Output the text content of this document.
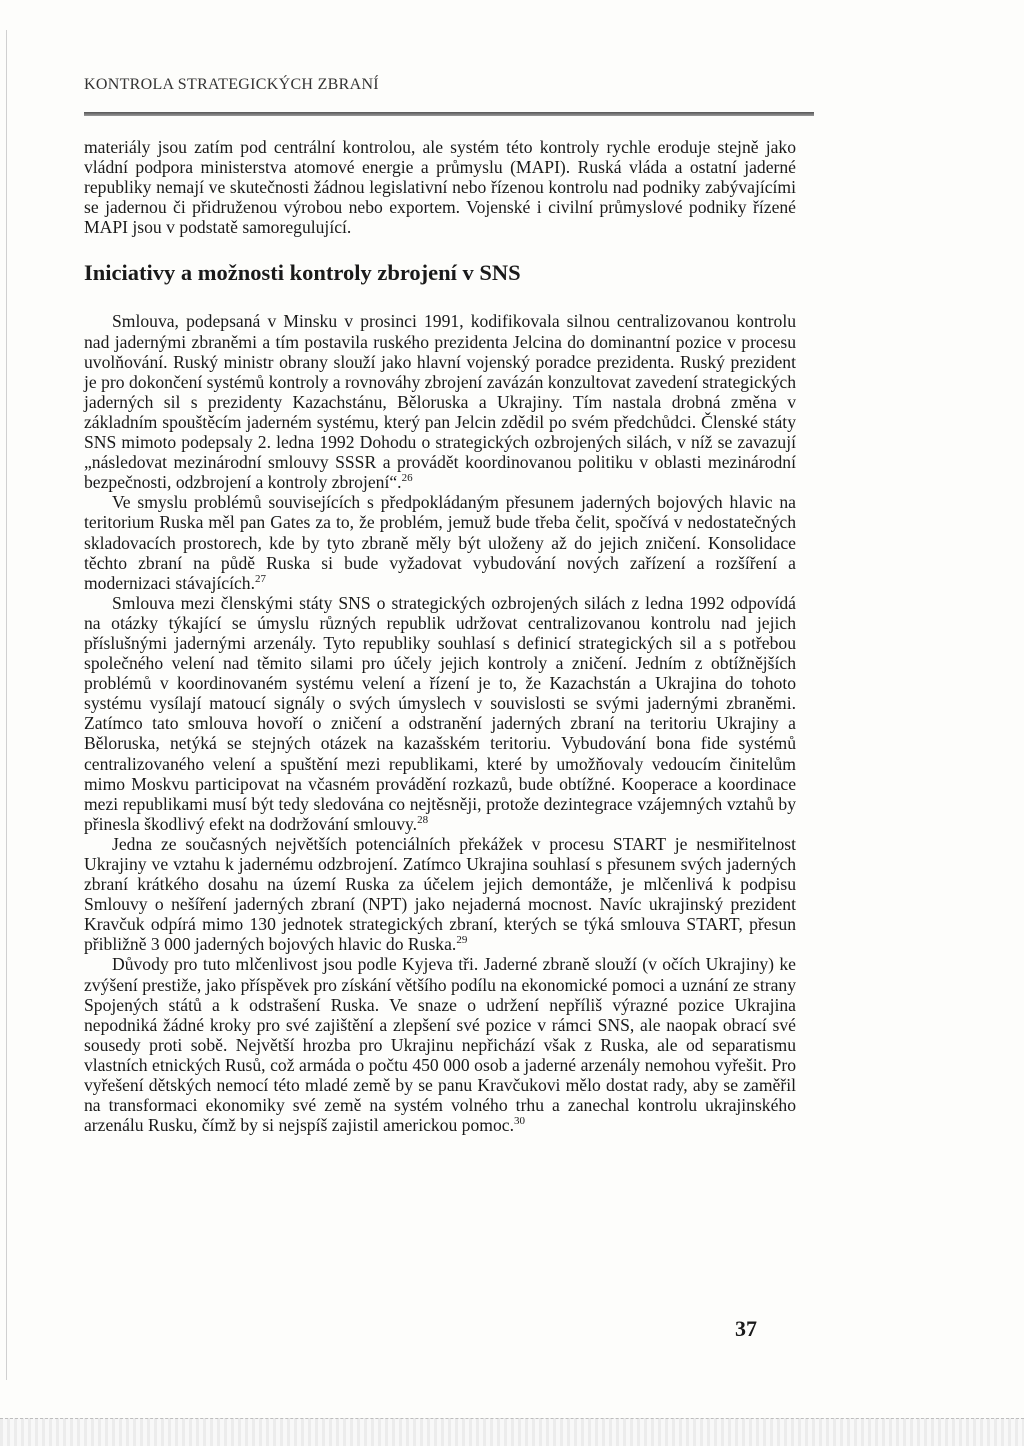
KONTROLA STRATEGICKÝCH ZBRANÍ

materiály jsou zatím pod centrální kontrolou, ale systém této kontroly rychle eroduje stejně jako vládní podpora ministerstva atomové energie a průmyslu (MAPI). Ruská vláda a ostatní jaderné republiky nemají ve skutečnosti žádnou legislativní nebo řízenou kontrolu nad podniky zabývajícími se jadernou či přidruženou výrobou nebo exportem. Vojenské i civilní průmyslové podniky řízené MAPI jsou v podstatě samoregulující.

Iniciativy a možnosti kontroly zbrojení v SNS

Smlouva, podepsaná v Minsku v prosinci 1991, kodifikovala silnou centralizovanou kontrolu nad jadernými zbraněmi a tím postavila ruského prezidenta Jelcina do dominantní pozice v procesu uvolňování. Ruský ministr obrany slouží jako hlavní vojenský poradce prezidenta. Ruský prezident je pro dokončení systémů kontroly a rovnováhy zbrojení zavázán konzultovat zavedení strategických jaderných sil s prezidenty Kazachstánu, Běloruska a Ukrajiny. Tím nastala drobná změna v základním spouštěcím jaderném systému, který pan Jelcin zdědil po svém předchůdci. Členské státy SNS mimoto podepsaly 2. ledna 1992 Dohodu o strategických ozbrojených silách, v níž se zavazují „následovat mezinárodní smlouvy SSSR a provádět koordinovanou politiku v oblasti mezinárodní bezpečnosti, odzbrojení a kontroly zbrojení“.$^{26}$

Ve smyslu problémů souvisejících s předpokládaným přesunem jaderných bojových hlavic na teritorium Ruska měl pan Gates za to, že problém, jemuž bude třeba čelit, spočívá v nedostatečných skladovacích prostorech, kde by tyto zbraně měly být uloženy až do jejich zničení. Konsolidace těchto zbraní na půdě Ruska si bude vyžadovat vybudování nových zařízení a rozšíření a modernizaci stávajících.$^{27}$

Smlouva mezi členskými státy SNS o strategických ozbrojených silách z ledna 1992 odpovídá na otázky týkající se úmyslu různých republik udržovat centralizovanou kontrolu nad jejich příslušnými jadernými arzenály. Tyto republiky souhlasí s definicí strategických sil a s potřebou společného velení nad těmito silami pro účely jejich kontroly a zničení. Jedním z obtížnějších problémů v koordinovaném systému velení a řízení je to, že Kazachstán a Ukrajina do tohoto systému vysílají matoucí signály o svých úmyslech v souvislosti se svými jadernými zbraněmi. Zatímco tato smlouva hovoří o zničení a odstranění jaderných zbraní na teritoriu Ukrajiny a Běloruska, netýká se stejných otázek na kazašském teritoriu. Vybudování bona fide systémů centralizovaného velení a spuštění mezi republikami, které by umožňovaly vedoucím činitelům mimo Moskvu participovat na včasném provádění rozkazů, bude obtížné. Kooperace a koordinace mezi republikami musí být tedy sledována co nejtěsněji, protože dezintegrace vzájemných vztahů by přinesla škodlivý efekt na dodržování smlouvy.$^{28}$

Jedna ze současných největších potenciálních překážek v procesu START je nesmiřitelnost Ukrajiny ve vztahu k jadernému odzbrojení. Zatímco Ukrajina souhlasí s přesunem svých jaderných zbraní krátkého dosahu na území Ruska za účelem jejich demontáže, je mlčenlivá k podpisu Smlouvy o nešíření jaderných zbraní (NPT) jako nejaderná mocnost. Navíc ukrajinský prezident Kravčuk odpírá mimo 130 jednotek strategických zbraní, kterých se týká smlouva START, přesun přibližně 3 000 jaderných bojových hlavic do Ruska.$^{29}$

Důvody pro tuto mlčenlivost jsou podle Kyjeva tři. Jaderné zbraně slouží (v očích Ukrajiny) ke zvýšení prestiže, jako příspěvek pro získání většího podílu na ekonomické pomoci a uznání ze strany Spojených států a k odstrašení Ruska. Ve snaze o udržení nepříliš výrazné pozice Ukrajina nepodniká žádné kroky pro své zajištění a zlepšení své pozice v rámci SNS, ale naopak obrací své sousedy proti sobě. Největší hrozba pro Ukrajinu nepřichází však z Ruska, ale od separatismu vlastních etnických Rusů, což armáda o počtu 450 000 osob a jaderné arzenály nemohou vyřešit. Pro vyřešení dětských nemocí této mladé země by se panu Kravčukovi mělo dostat rady, aby se zaměřil na transformaci ekonomiky své země na systém volného trhu a zanechal kontrolu ukrajinského arzenálu Rusku, čímž by si nejspíš zajistil americkou pomoc.$^{30}$

37
